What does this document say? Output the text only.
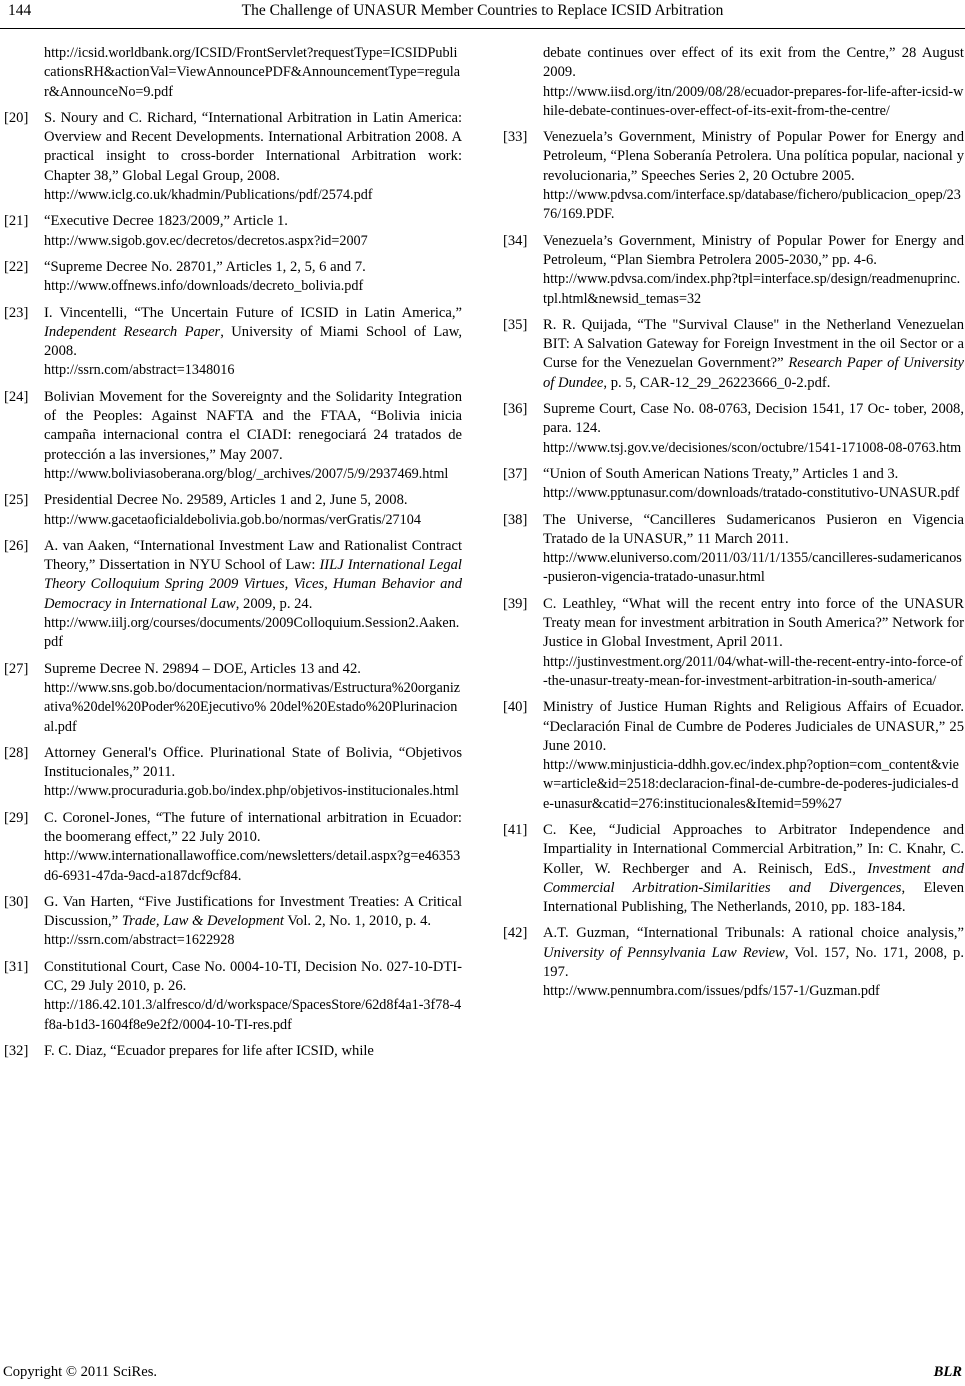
144	The Challenge of UNASUR Member Countries to Replace ICSID Arbitration
http://icsid.worldbank.org/ICSID/FrontServlet?requestType=ICSIDPublicationsRH&actionVal=ViewAnnouncePDF&AnnouncementType=regular&AnnounceNo=9.pdf
[20]	S. Noury and C. Richard, “International Arbitration in Latin America: Overview and Recent Developments. International Arbitration 2008. A practical insight to cross-border International Arbitration work: Chapter 38,” Global Legal Group, 2008.
http://www.iclg.co.uk/khadmin/Publications/pdf/2574.pdf
[21]	“Executive Decree 1823/2009,” Article 1.
http://www.sigob.gov.ec/decretos/decretos.aspx?id=2007
[22]	“Supreme Decree No. 28701,” Articles 1, 2, 5, 6 and 7.
http://www.offnews.info/downloads/decreto_bolivia.pdf
[23]	I. Vincentelli, “The Uncertain Future of ICSID in Latin America,” Independent Research Paper, University of Miami School of Law, 2008.
http://ssrn.com/abstract=1348016
[24]	Bolivian Movement for the Sovereignty and the Solidarity Integration of the Peoples: Against NAFTA and the FTAA, “Bolivia inicia campaña internacional contra el CIADI: renegociará 24 tratados de protección a las inversiones,” May 2007.
http://www.boliviasoberana.org/blog/_archives/2007/5/9/2937469.html
[25]	Presidential Decree No. 29589, Articles 1 and 2, June 5, 2008.
http://www.gacetaoficialdebolivia.gob.bo/normas/verGratis/27104
[26]	A. van Aaken, “International Investment Law and Rationalist Contract Theory,” Dissertation in NYU School of Law: IILJ International Legal Theory Colloquium Spring 2009 Virtues, Vices, Human Behavior and Democracy in International Law, 2009, p. 24.
http://www.iilj.org/courses/documents/2009Colloquium.Session2.Aaken.pdf
[27]	Supreme Decree N. 29894 – DOE, Articles 13 and 42.
http://www.sns.gob.bo/documentacion/normativas/Estructura%20organizativa%20del%20Poder%20Ejecutivo% 20del%20Estado%20Plurinacional.pdf
[28]	Attorney General's Office. Plurinational State of Bolivia, “Objetivos Institucionales,” 2011.
http://www.procuraduria.gob.bo/index.php/objetivos-institucionales.html
[29]	C. Coronel-Jones, “The future of international arbitration in Ecuador: the boomerang effect,” 22 July 2010.
http://www.internationallawoffice.com/newsletters/detail.aspx?g=e46353d6-6931-47da-9acd-a187dcf9cf84.
[30]	G. Van Harten, “Five Justifications for Investment Treaties: A Critical Discussion,” Trade, Law & Development Vol. 2, No. 1, 2010, p. 4.
http://ssrn.com/abstract=1622928
[31]	Constitutional Court, Case No. 0004-10-TI, Decision No. 027-10-DTI-CC, 29 July 2010, p. 26.
http://186.42.101.3/alfresco/d/d/workspace/SpacesStore/62d8f4a1-3f78-4f8a-b1d3-1604f8e9e2f2/0004-10-TI-res.pdf
[32]	F. C. Diaz, “Ecuador prepares for life after ICSID, while
debate continues over effect of its exit from the Centre,” 28 August 2009.
http://www.iisd.org/itn/2009/08/28/ecuador-prepares-for-life-after-icsid-while-debate-continues-over-effect-of-its-exit-from-the-centre/
[33]	Venezuela’s Government, Ministry of Popular Power for Energy and Petroleum, “Plena Soberanía Petrolera. Una política popular, nacional y revolucionaria,” Speeches Series 2, 20 Octubre 2005.
http://www.pdvsa.com/interface.sp/database/fichero/publicacion_opep/2376/169.PDF.
[34]	Venezuela’s Government, Ministry of Popular Power for Energy and Petroleum, “Plan Siembra Petrolera 2005-2030,” pp. 4-6.
http://www.pdvsa.com/index.php?tpl=interface.sp/design/readmenuprinc.tpl.html&newsid_temas=32
[35]	R. R. Quijada, “The "Survival Clause" in the Netherland Venezuelan BIT: A Salvation Gateway for Foreign Investment in the oil Sector or a Curse for the Venezuelan Government?” Research Paper of University of Dundee, p. 5, CAR-12_29_26223666_0-2.pdf.
[36]	Supreme Court, Case No. 08-0763, Decision 1541, 17 Oc- tober, 2008, para. 124.
http://www.tsj.gov.ve/decisiones/scon/octubre/1541-171008-08-0763.htm
[37]	“Union of South American Nations Treaty,” Articles 1 and 3.
http://www.pptunasur.com/downloads/tratado-constitutivo-UNASUR.pdf
[38]	The Universe, “Cancilleres Sudamericanos Pusieron en Vigencia Tratado de la UNASUR,” 11 March 2011.
http://www.eluniverso.com/2011/03/11/1/1355/cancilleres-sudamericanos-pusieron-vigencia-tratado-unasur.html
[39]	C. Leathley, “What will the recent entry into force of the UNASUR Treaty mean for investment arbitration in South America?” Network for Justice in Global Investment, April 2011.
http://justinvestment.org/2011/04/what-will-the-recent-entry-into-force-of-the-unasur-treaty-mean-for-investment-arbitration-in-south-america/
[40]	Ministry of Justice Human Rights and Religious Affairs of Ecuador. “Declaración Final de Cumbre de Poderes Judiciales de UNASUR,” 25 June 2010.
http://www.minjusticia-ddhh.gov.ec/index.php?option=com_content&view=article&id=2518:declaracion-final-de-cumbre-de-poderes-judiciales-de-unasur&catid=276:institucionales&Itemid=59%27
[41]	C. Kee, “Judicial Approaches to Arbitrator Independence and Impartiality in International Commercial Arbitration,” In: C. Knahr, C. Koller, W. Rechberger and A. Reinisch, EdS., Investment and Commercial Arbitration-Similarities and Divergences, Eleven International Publishing, The Netherlands, 2010, pp. 183-184.
[42]	A.T. Guzman, “International Tribunals: A rational choice analysis,” University of Pennsylvania Law Review, Vol. 157, No. 171, 2008, p. 197.
http://www.pennumbra.com/issues/pdfs/157-1/Guzman.pdf
Copyright © 2011 SciRes.	BLR
